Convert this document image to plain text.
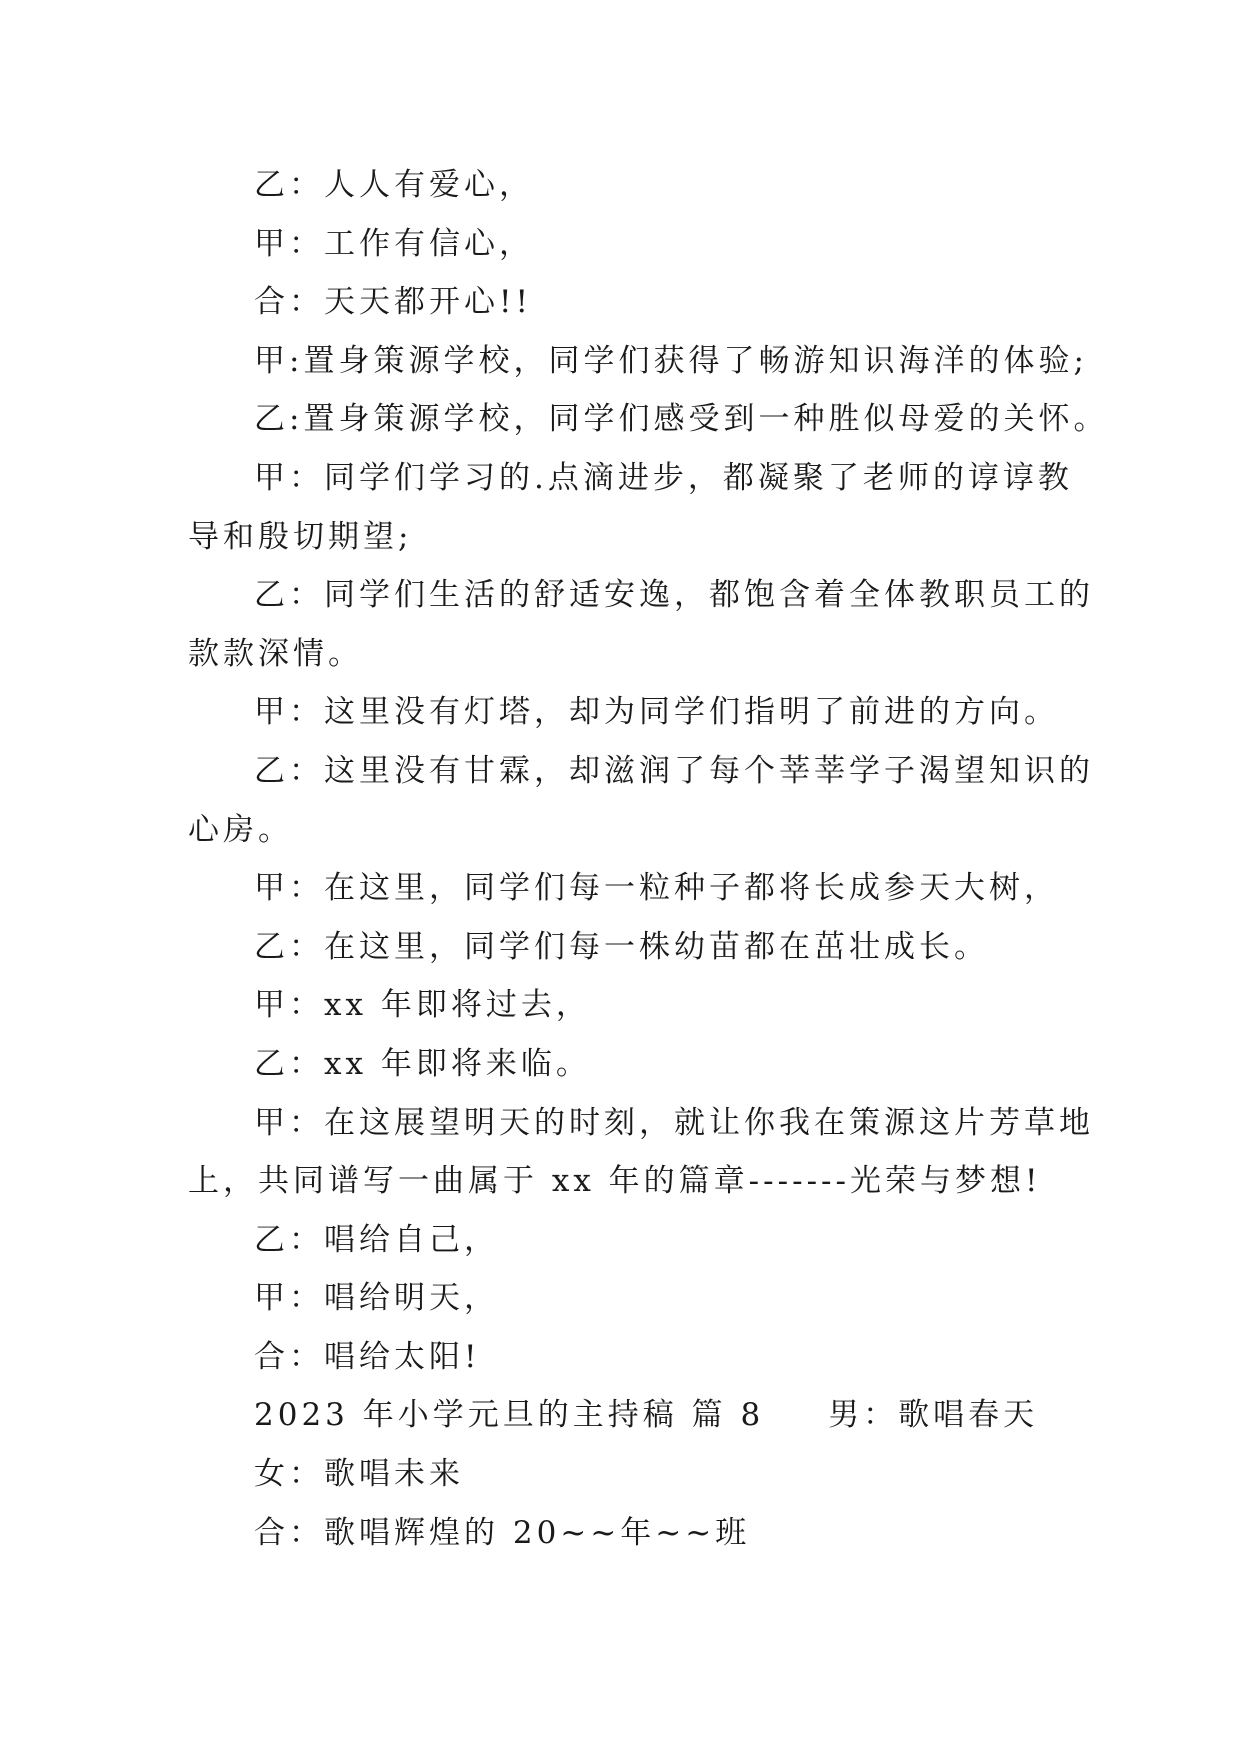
乙：人人有爱心，
甲：工作有信心，
合：天天都开心!!
甲:置身策源学校，同学们获得了畅游知识海洋的体验;
乙:置身策源学校，同学们感受到一种胜似母爱的关怀。
甲：同学们学习的.点滴进步，都凝聚了老师的谆谆教
导和殷切期望;
乙：同学们生活的舒适安逸，都饱含着全体教职员工的
款款深情。
甲：这里没有灯塔，却为同学们指明了前进的方向。
乙：这里没有甘霖，却滋润了每个莘莘学子渴望知识的
心房。
甲：在这里，同学们每一粒种子都将长成参天大树，
乙：在这里，同学们每一株幼苗都在茁壮成长。
甲：xx 年即将过去，
乙：xx 年即将来临。
甲：在这展望明天的时刻，就让你我在策源这片芳草地
上，共同谱写一曲属于 xx 年的篇章-------光荣与梦想!
乙：唱给自己，
甲：唱给明天，
合：唱给太阳!
2023 年小学元旦的主持稿 篇 8 男：歌唱春天
女：歌唱未来
合：歌唱辉煌的 20~~年~~班
